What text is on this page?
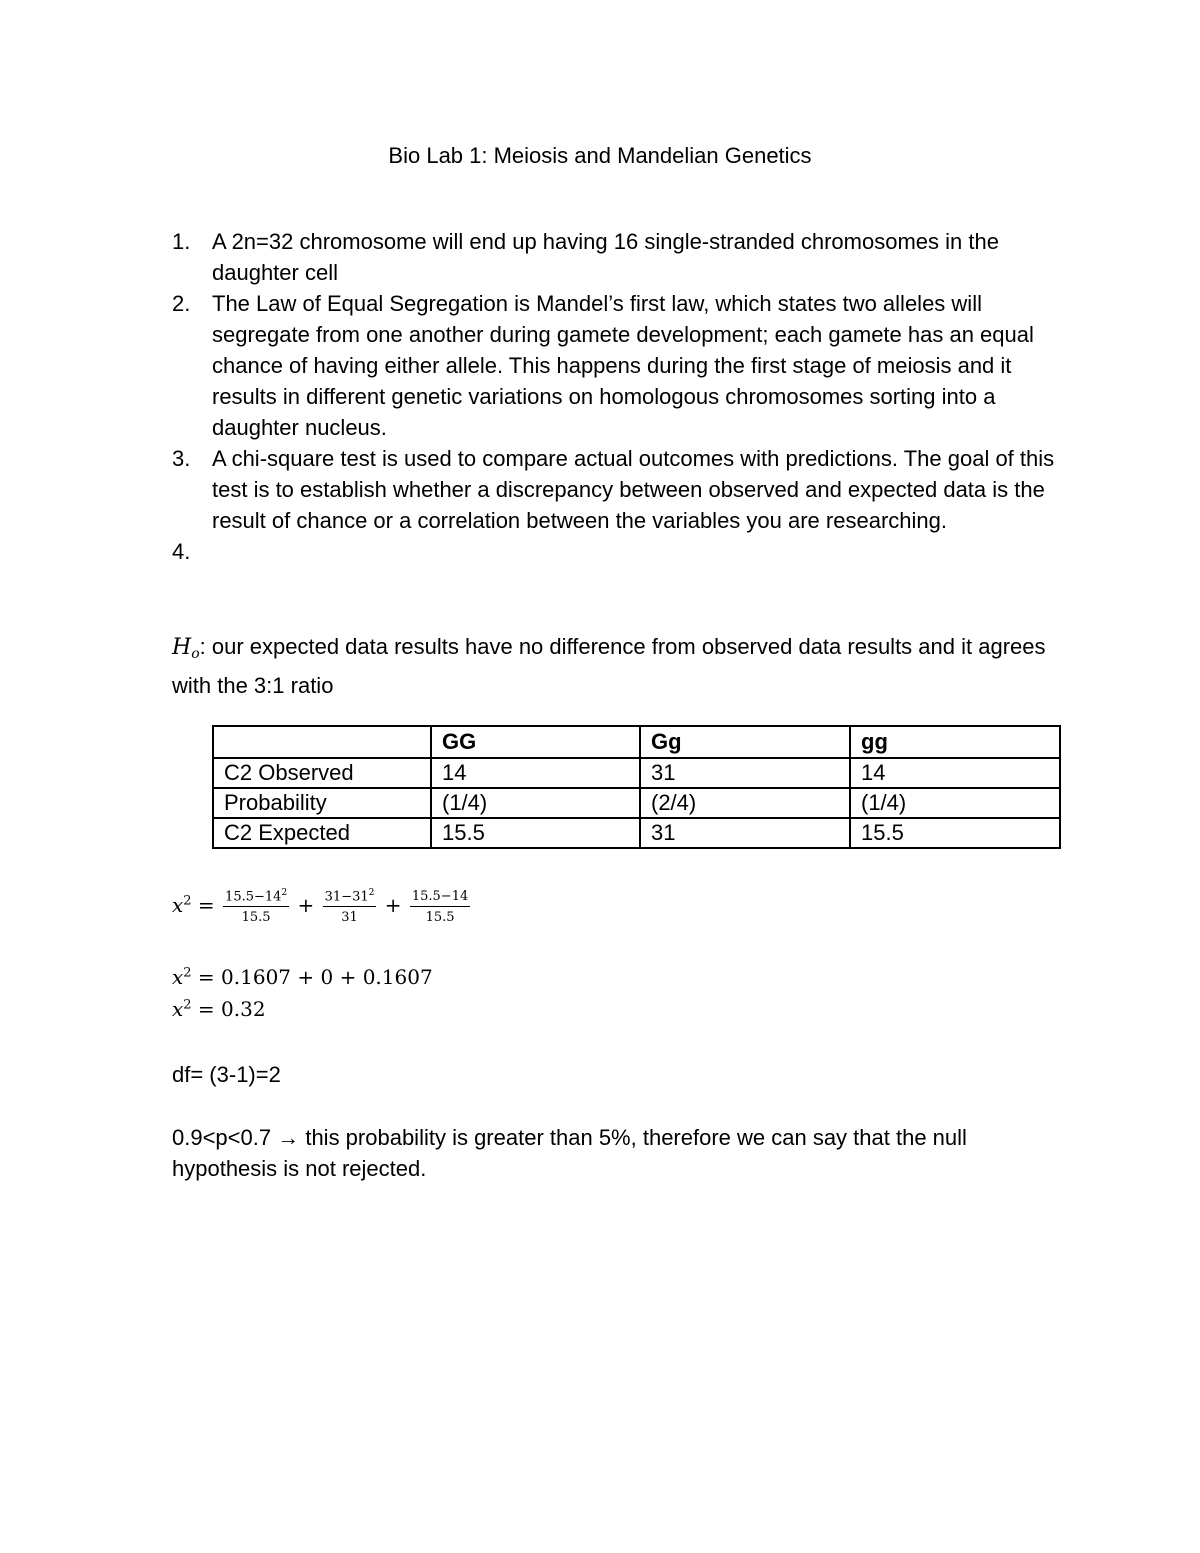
Bio Lab 1: Meiosis and Mandelian Genetics
1. A 2n=32 chromosome will end up having 16 single-stranded chromosomes in the daughter cell
2. The Law of Equal Segregation is Mandel’s first law, which states two alleles will segregate from one another during gamete development; each gamete has an equal chance of having either allele. This happens during the first stage of meiosis and it results in different genetic variations on homologous chromosomes sorting into a daughter nucleus.
3. A chi-square test is used to compare actual outcomes with predictions. The goal of this test is to establish whether a discrepancy between observed and expected data is the result of chance or a correlation between the variables you are researching.
4.
$H_o$: our expected data results have no difference from observed data results and it agrees with the 3:1 ratio
	GG	Gg	gg
C2 Observed	14	31	14
Probability	(1/4)	(2/4)	(1/4)
C2 Expected	15.5	31	15.5
$x^2 = \frac{15.5-14^2}{15.5} + \frac{31-31^2}{31} + \frac{15.5-14}{15.5}$
$x^2 = 0.1607 + 0 + 0.1607$
$x^2 = 0.32$
df= (3-1)=2
0.9<p<0.7 → this probability is greater than 5%, therefore we can say that the null hypothesis is not rejected.
